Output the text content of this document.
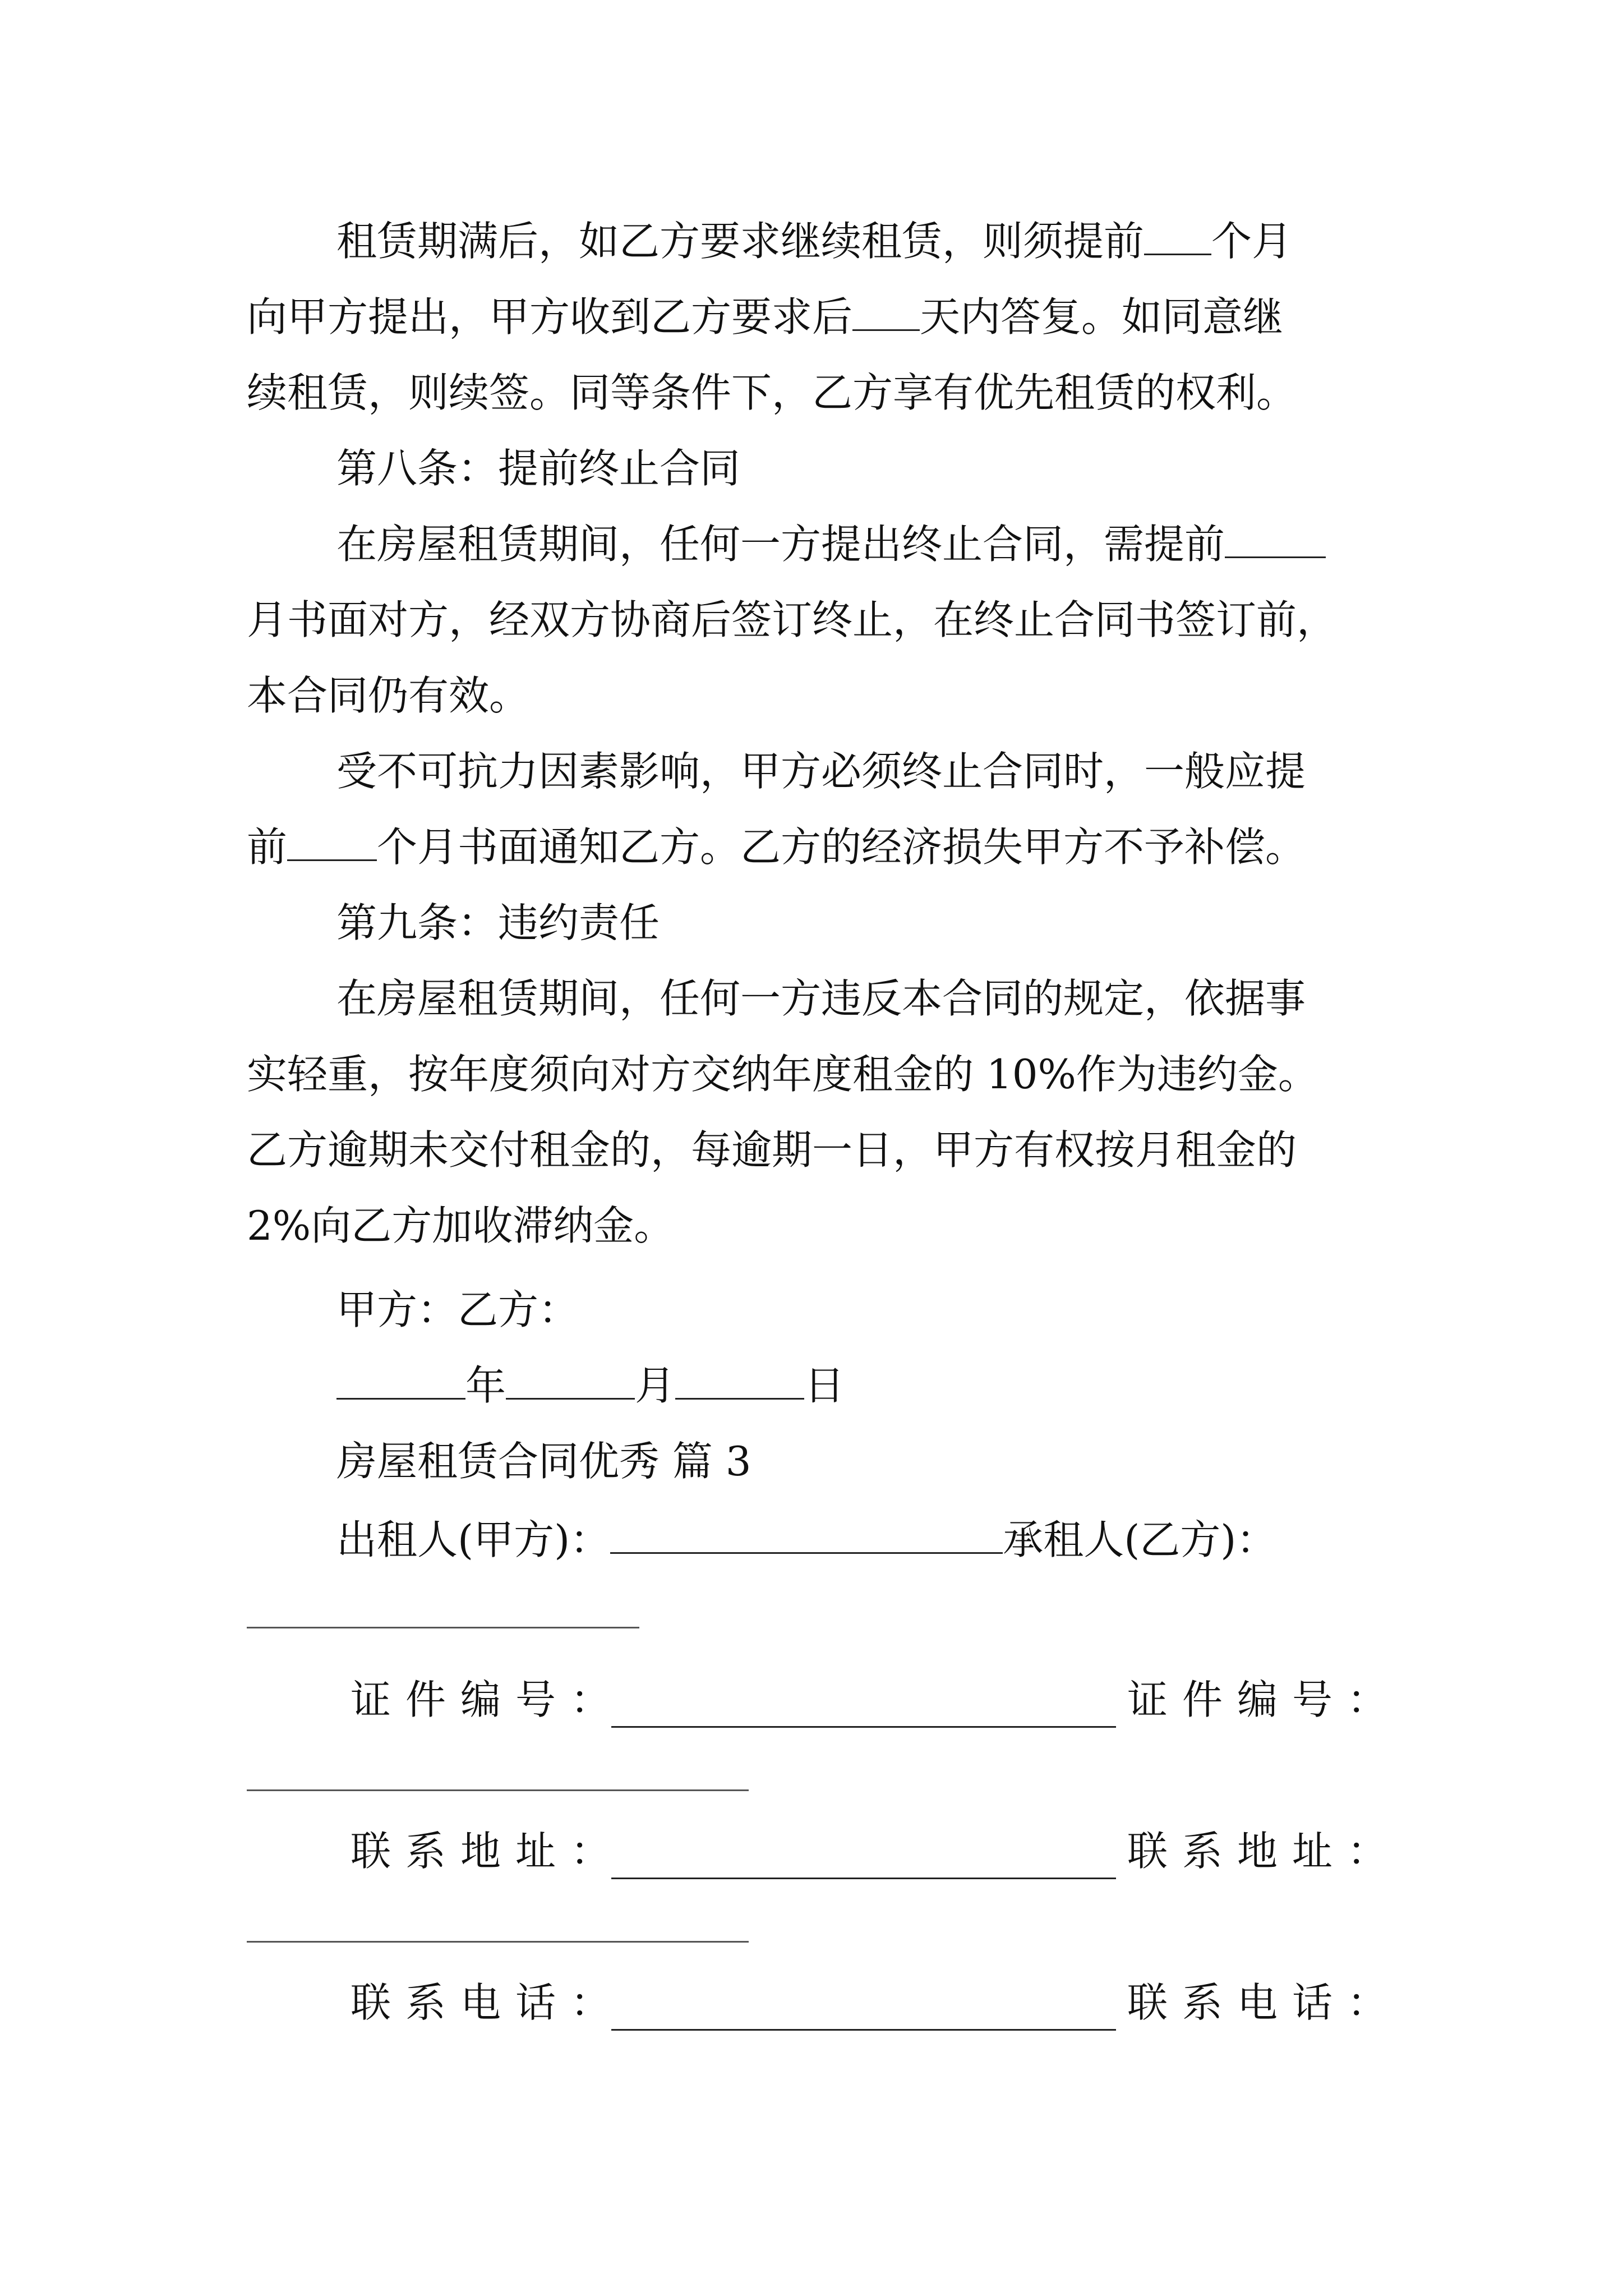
租赁期满后，如乙方要求继续租赁，则须提前 个月
向甲方提出，甲方收到乙方要求后 天内答复。如同意继
续租赁，则续签。同等条件下，乙方享有优先租赁的权利。
第八条：提前终止合同
在房屋租赁期间，任何一方提出终止合同，需提前
月书面对方，经双方协商后签订终止，在终止合同书签订前，
本合同仍有效。
受不可抗力因素影响，甲方必须终止合同时，一般应提
前 个月书面通知乙方。乙方的经济损失甲方不予补偿。
第九条：违约责任
在房屋租赁期间，任何一方违反本合同的规定，依据事
实轻重，按年度须向对方交纳年度租金的 10%作为违约金。
乙方逾期未交付租金的，每逾期一日，甲方有权按月租金的
2%向乙方加收滞纳金。
甲方：乙方：
年	月	日
房屋租赁合同优秀 篇 3
出租人(甲方)：	承租人(乙方)：
证件编号：	证件编号：
联系地址：	联系地址：
联系电话：	联系电话：
